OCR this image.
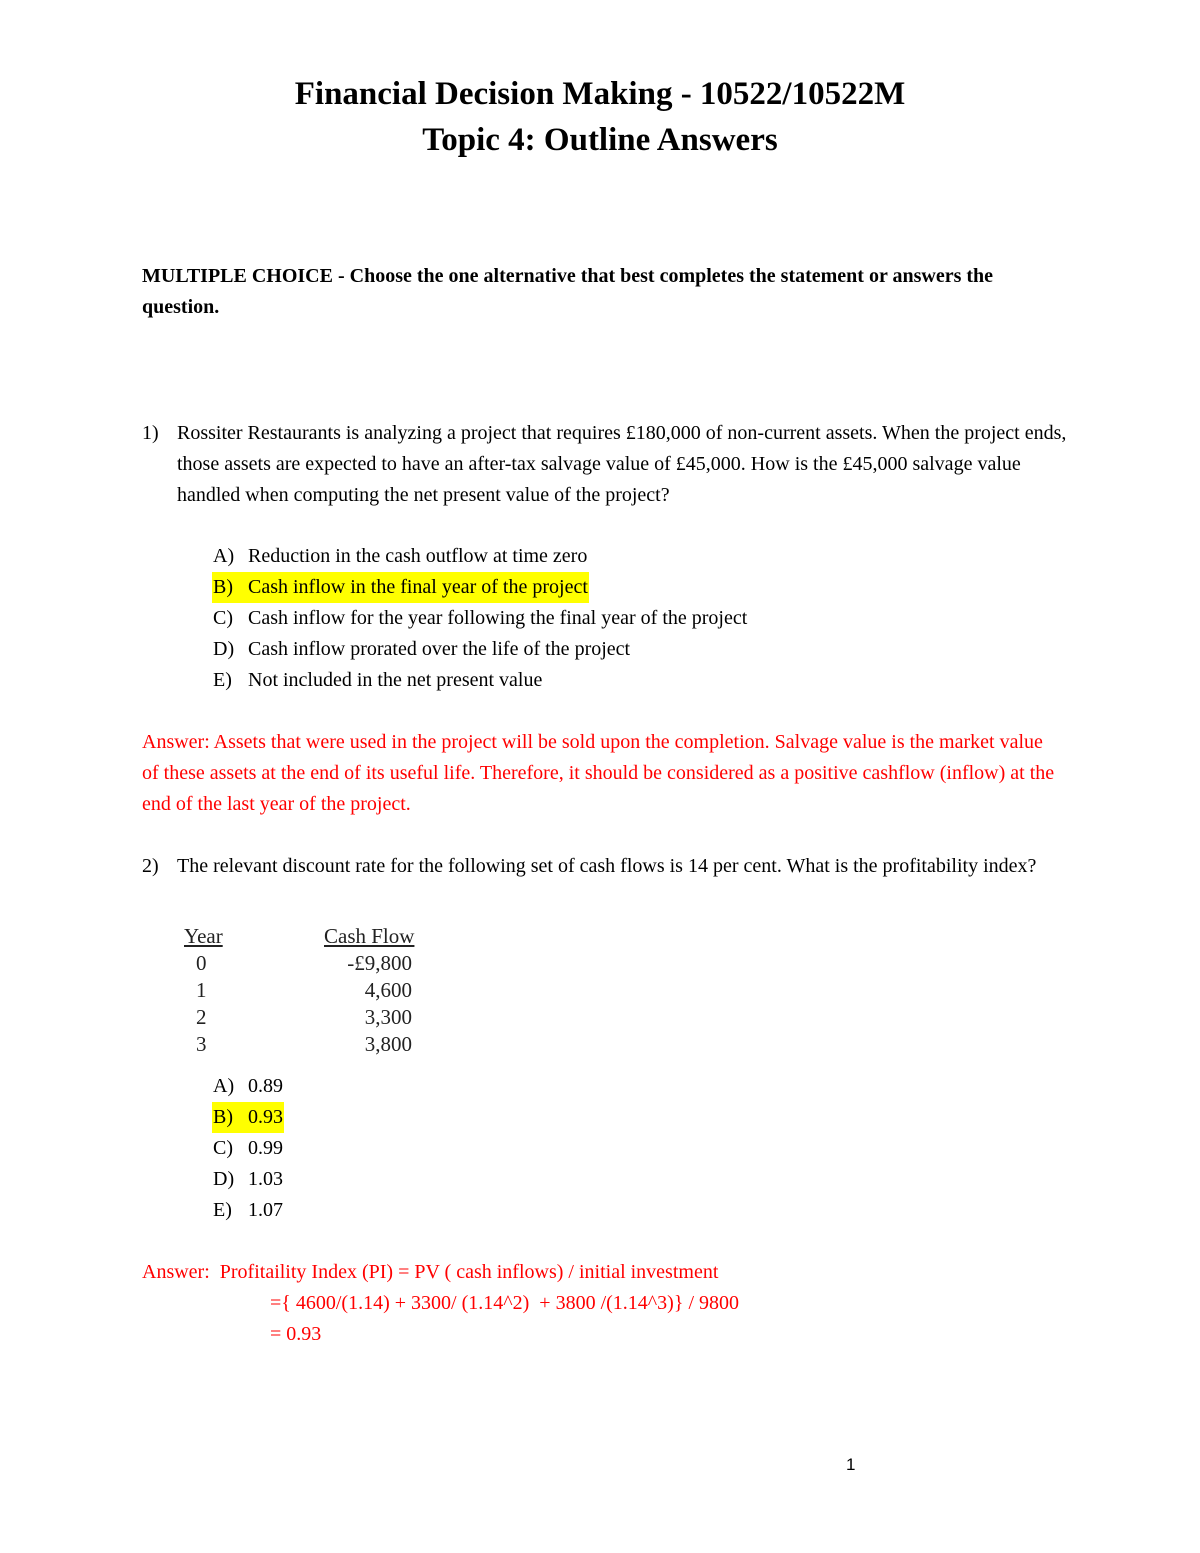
Financial Decision Making - 10522/10522M
Topic 4: Outline Answers
MULTIPLE CHOICE - Choose the one alternative that best completes the statement or answers the question.
1) Rossiter Restaurants is analyzing a project that requires £180,000 of non-current assets. When the project ends, those assets are expected to have an after-tax salvage value of £45,000. How is the £45,000 salvage value handled when computing the net present value of the project?
A) Reduction in the cash outflow at time zero
B) Cash inflow in the final year of the project
C) Cash inflow for the year following the final year of the project
D) Cash inflow prorated over the life of the project
E) Not included in the net present value
Answer: Assets that were used in the project will be sold upon the completion. Salvage value is the market value of these assets at the end of its useful life. Therefore, it should be considered as a positive cashflow (inflow) at the end of the last year of the project.
2) The relevant discount rate for the following set of cash flows is 14 per cent. What is the profitability index?
Year	Cash Flow
0	-£9,800
1	4,600
2	3,300
3	3,800
A) 0.89
B) 0.93
C) 0.99
D) 1.03
E) 1.07
Answer:  Profitaility Index (PI) = PV ( cash inflows) / initial investment
={ 4600/(1.14) + 3300/ (1.14^2)  + 3800 /(1.14^3)} / 9800
= 0.93
1
